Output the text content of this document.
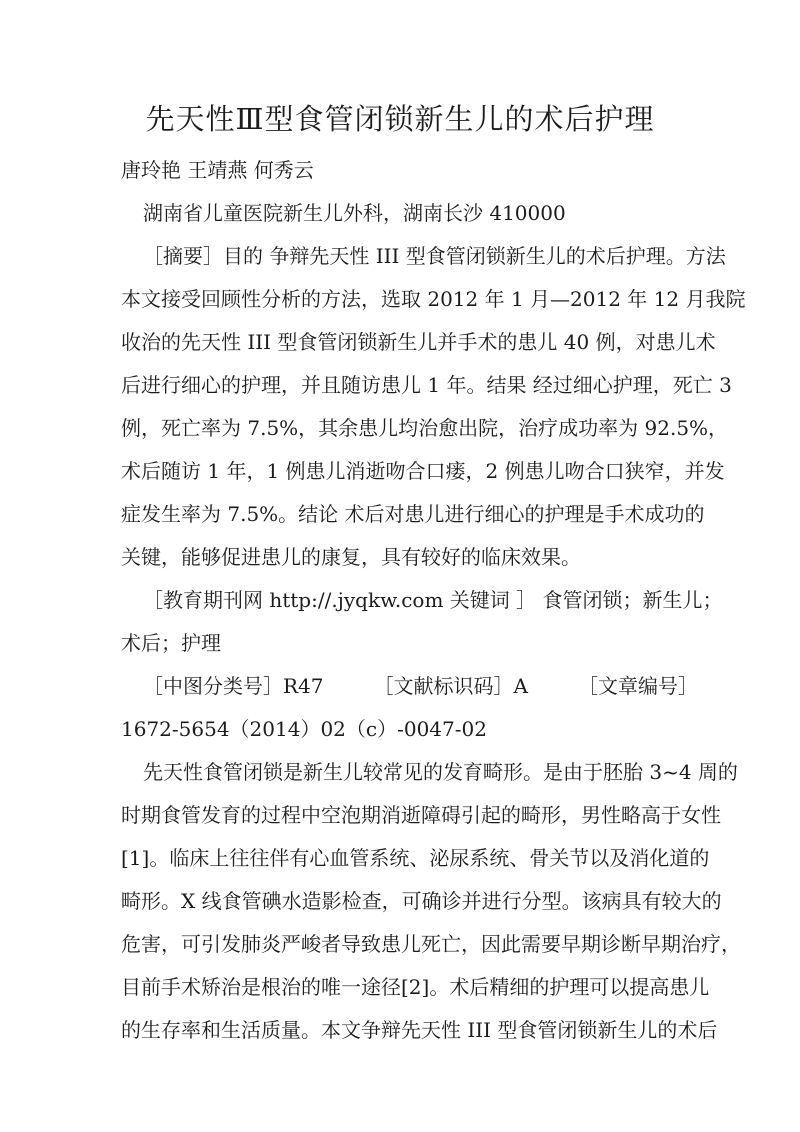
先天性Ⅲ型食管闭锁新生儿的术后护理
唐玲艳 王靖燕 何秀云
湖南省儿童医院新生儿外科，湖南长沙 410000
［摘要］目的 争辩先天性 III 型食管闭锁新生儿的术后护理。方法
本文接受回顾性分析的方法，选取 2012 年 1 月—2012 年 12 月我院
收治的先天性 III 型食管闭锁新生儿并手术的患儿 40 例，对患儿术
后进行细心的护理，并且随访患儿 1 年。结果 经过细心护理，死亡 3
例，死亡率为 7.5%，其余患儿均治愈出院，治疗成功率为 92.5%，
术后随访 1 年，1 例患儿消逝吻合口瘘，2 例患儿吻合口狭窄，并发
症发生率为 7.5%。结论 术后对患儿进行细心的护理是手术成功的
关键，能够促进患儿的康复，具有较好的临床效果。
［教育期刊网 http://.jyqkw.com 关键词 ］ 食管闭锁；新生儿；
术后；护理
［中图分类号］R47　　　［文献标识码］A　　　［文章编号］
1672-5654（2014）02（c）-0047-02
先天性食管闭锁是新生儿较常见的发育畸形。是由于胚胎 3~4 周的
时期食管发育的过程中空泡期消逝障碍引起的畸形，男性略高于女性
[1]。临床上往往伴有心血管系统、泌尿系统、骨关节以及消化道的
畸形。X 线食管碘水造影检查，可确诊并进行分型。该病具有较大的
危害，可引发肺炎严峻者导致患儿死亡，因此需要早期诊断早期治疗，
目前手术矫治是根治的唯一途径[2]。术后精细的护理可以提高患儿
的生存率和生活质量。本文争辩先天性 III 型食管闭锁新生儿的术后
